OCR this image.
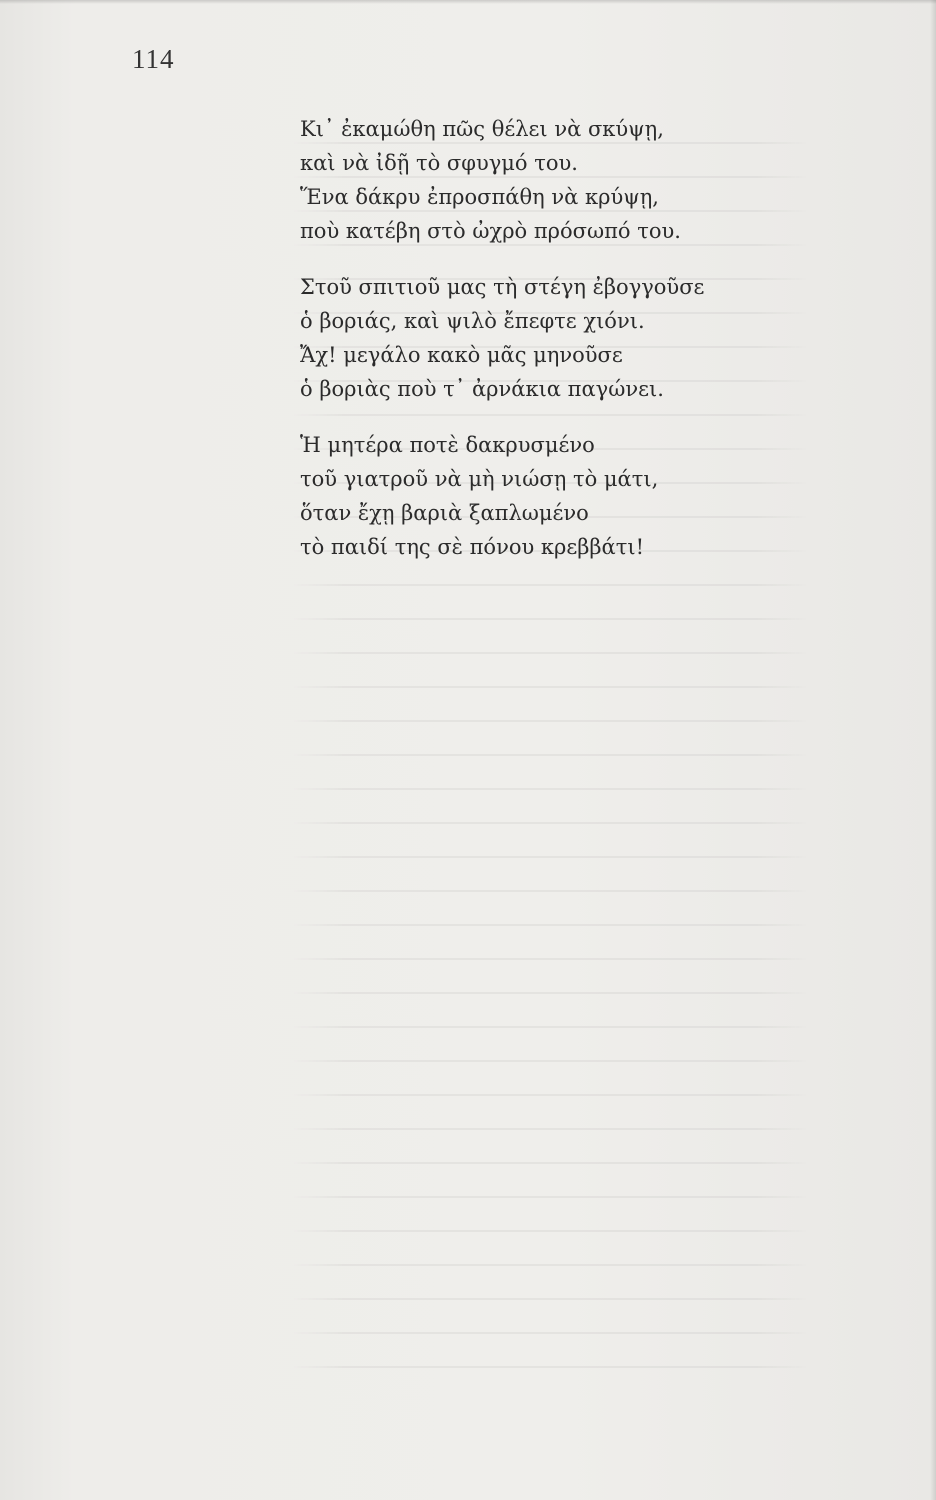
114
Κι᾽ ἐκαμώθη πῶς θέλει νὰ σκύψῃ,
καὶ νὰ ἰδῇ τὸ σφυγμό του.
Ἕνα δάκρυ ἐπροσπάθη νὰ κρύψῃ,
ποὺ κατέβη στὸ ὠχρὸ πρόσωπό του.
Στοῦ σπιτιοῦ μας τὴ στέγη ἐβογγοῦσε
ὁ βοριάς, καὶ ψιλὸ ἔπεφτε χιόνι.
Ἄχ! μεγάλο κακὸ μᾶς μηνοῦσε
ὁ βοριὰς ποὺ τ᾽ ἀρνάκια παγώνει.
Ἡ μητέρα ποτὲ δακρυσμένο
τοῦ γιατροῦ νὰ μὴ νιώσῃ τὸ μάτι,
ὅταν ἔχῃ βαριὰ ξαπλωμένο
τὸ παιδί της σὲ πόνου κρεββάτι!
